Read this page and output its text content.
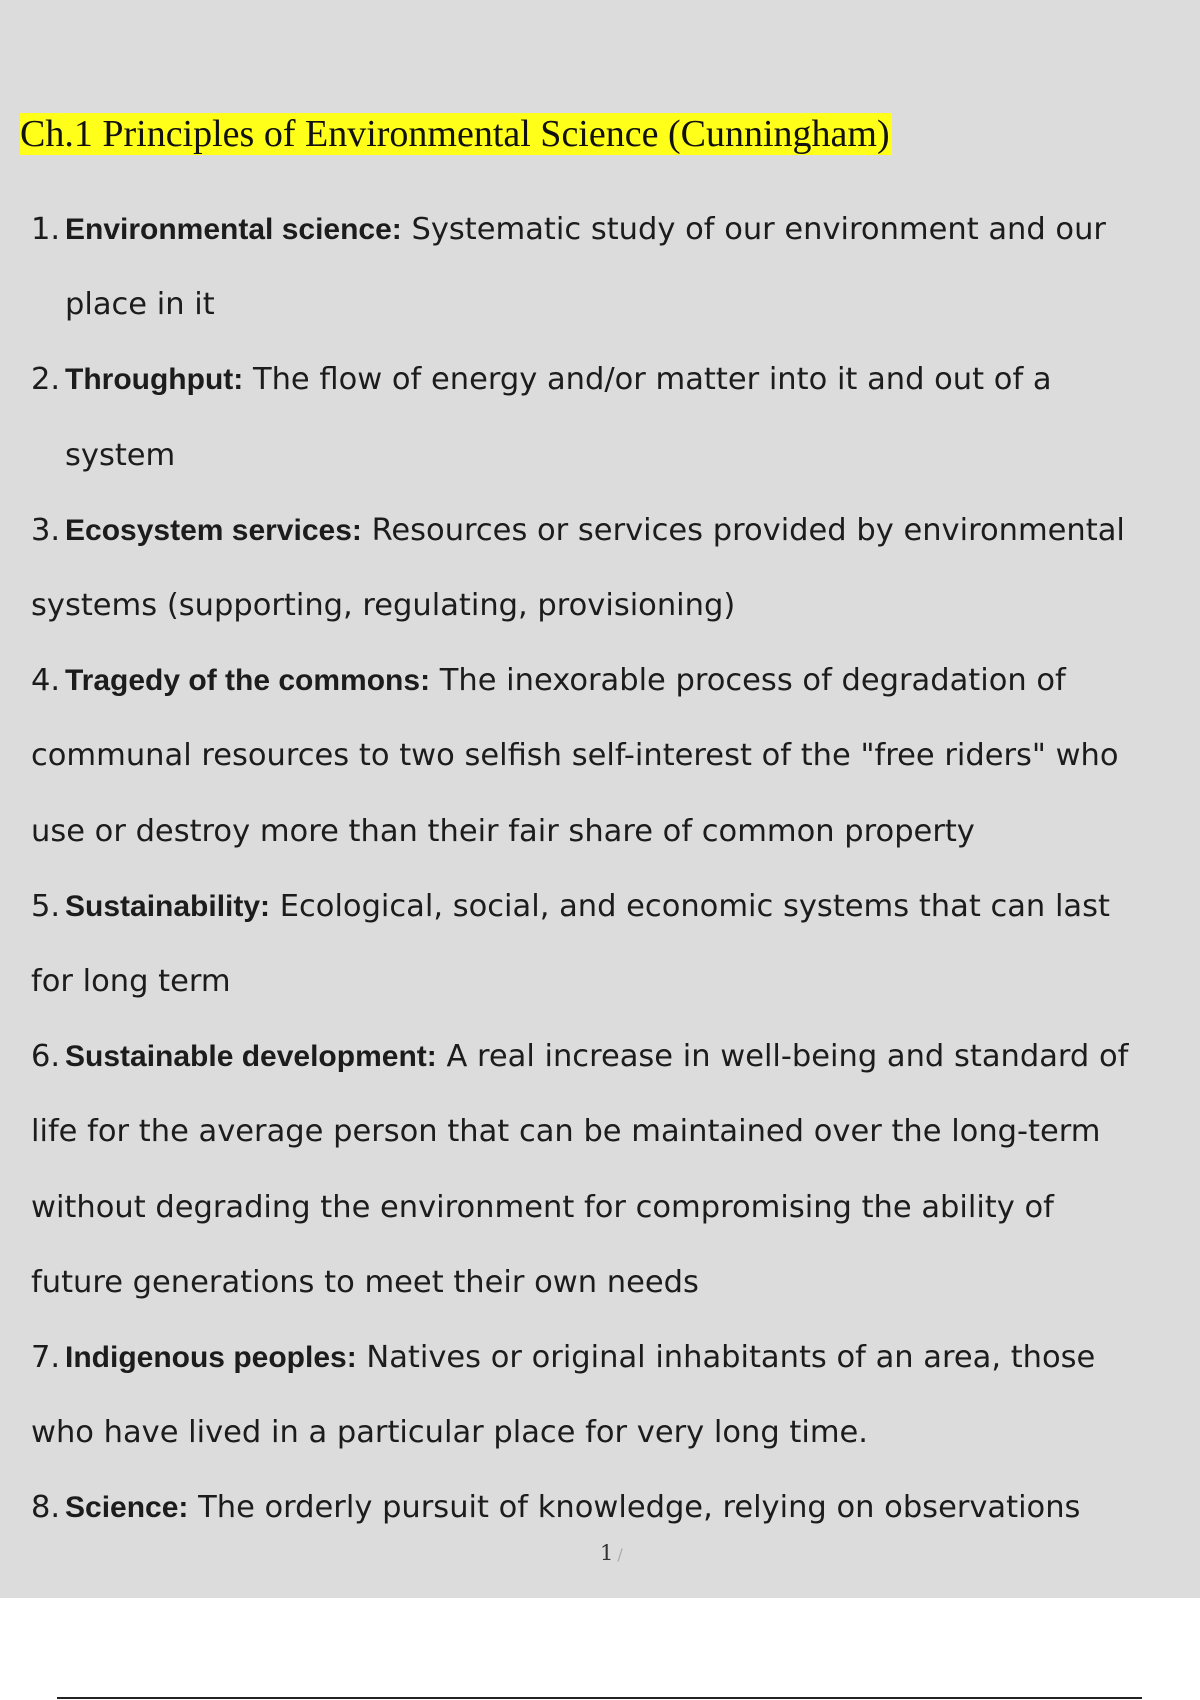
Ch.1 Principles of Environmental Science (Cunningham)
1. Environmental science: Systematic study of our environment and our
place in it
2. Throughput: The flow of energy and/or matter into it and out of a
system
3. Ecosystem services: Resources or services provided by environmental
systems (supporting, regulating, provisioning)
4. Tragedy of the commons: The inexorable process of degradation of
communal resources to two selfish self-interest of the "free riders" who
use or destroy more than their fair share of common property
5. Sustainability: Ecological, social, and economic systems that can last
for long term
6. Sustainable development: A real increase in well-being and standard of
life for the average person that can be maintained over the long-term
without degrading the environment for compromising the ability of
future generations to meet their own needs
7. Indigenous peoples: Natives or original inhabitants of an area, those
who have lived in a particular place for very long time.
8. Science: The orderly pursuit of knowledge, relying on observations
1 /
